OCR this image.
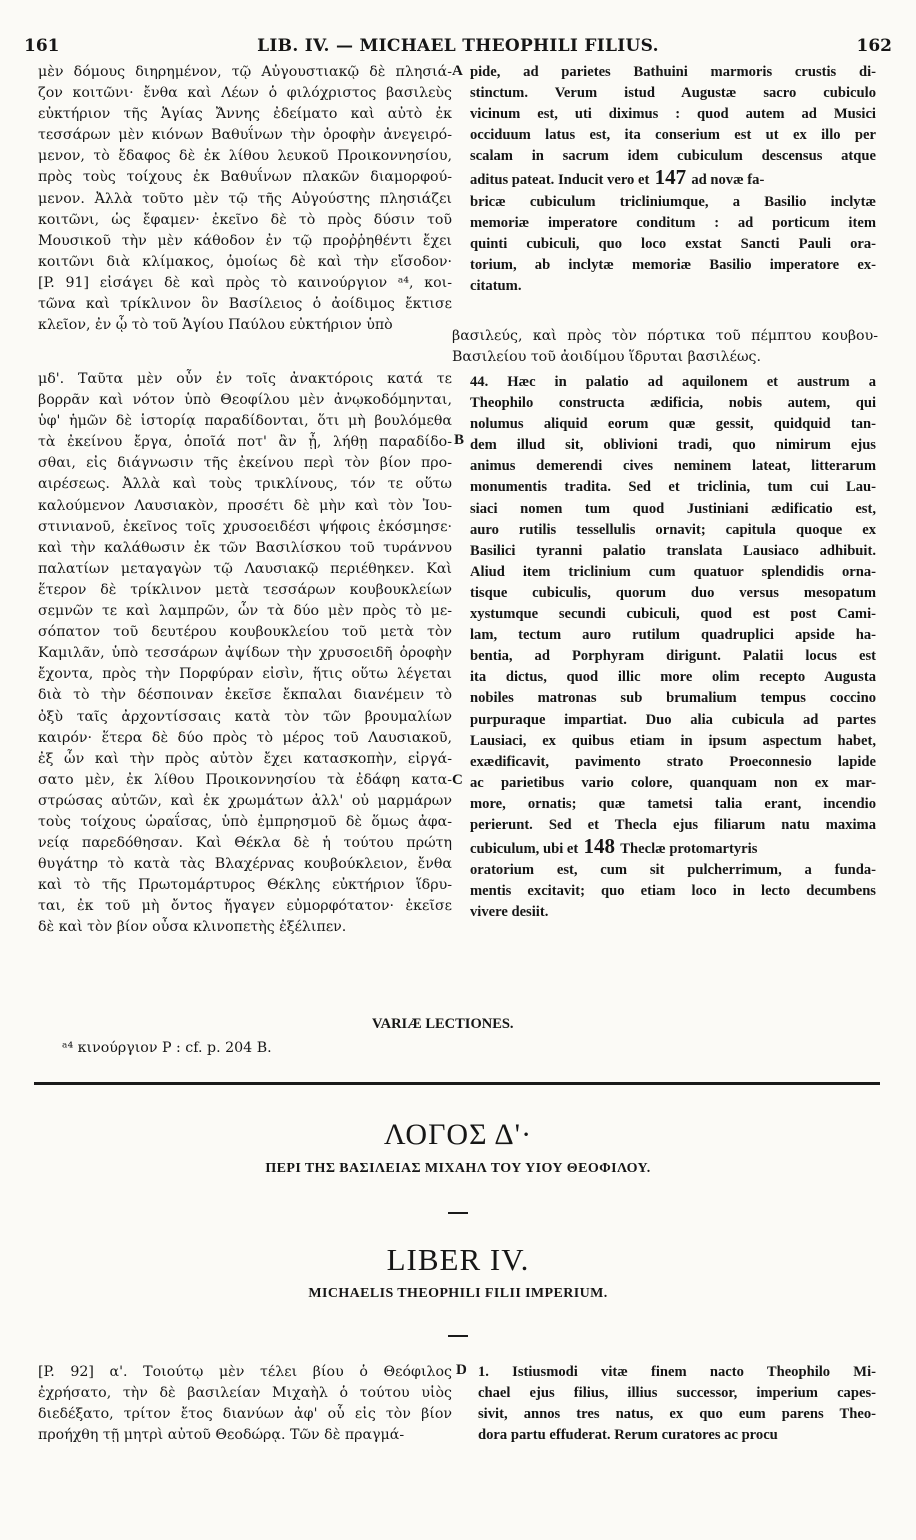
161	LIB. IV. — MICHAEL THEOPHILI FILIUS.	162
μὲν δόμους διηρημένον, τῷ Αὐγουστιακῷ δὲ πλησιά-
ζον κοιτῶνι· ἔνθα καὶ Λέων ὁ φιλόχριστος βασιλεὺς
εὐκτήριον τῆς Ἁγίας Ἄννης ἐδείματο καὶ αὐτὸ ἐκ
τεσσάρων μὲν κιόνων Βαθυΐνων τὴν ὀροφὴν ἀνεγειρό-
μενον, τὸ ἔδαφος δὲ ἐκ λίθου λευκοῦ Προικοννησίου,
πρὸς τοὺς τοίχους ἐκ Βαθυΐνων πλακῶν διαμορφού-
μενον. Ἀλλὰ τοῦτο μὲν τῷ τῆς Αὐγούστης πλησιάζει
κοιτῶνι, ὡς ἔφαμεν· ἐκεῖνο δὲ τὸ πρὸς δύσιν τοῦ
Μουσικοῦ τὴν μὲν κάθοδον ἐν τῷ προῤῥηθέντι ἔχει
κοιτῶνι διὰ κλίμακος, ὁμοίως δὲ καὶ τὴν εἴσοδον·
[P. 91] εἰσάγει δὲ καὶ πρὸς τὸ καινούργιον ᵃ⁴, κοι-
τῶνα καὶ τρίκλινον ὃν Βασίλειος ὁ ἀοίδιμος ἔκτισε
κλεῖον, ἐν ᾧ τὸ τοῦ Ἁγίου Παύλου εὐκτήριον ὑπὸ
pide, ad parietes Bathuini marmoris crustis di-
stinctum. Verum istud Augustæ sacro cubiculo
vicinum est, uti diximus : quod autem ad Musici
occiduum latus est, ita conserium est ut ex illo per
scalam in sacrum idem cubiculum descensus atque
aditus pateat. Inducit vero et 147 ad novæ fa-
bricæ cubiculum tricliniumque, a Basilio inclytæ
memoriæ imperatore conditum : ad porticum item
quinti cubiculi, quo loco exstat Sancti Pauli ora-
torium, ab inclytæ memoriæ Basilio imperatore ex-
citatum.
βασιλεύς, καὶ πρὸς τὸν πόρτικα τοῦ πέμπτου κουβου-
Βασιλείου τοῦ ἀοιδίμου ἵδρυται βασιλέως.
A
B
C
D
μδ'. Ταῦτα μὲν οὖν ἐν τοῖς ἀνακτόροις κατά τε
βορρᾶν καὶ νότον ὑπὸ Θεοφίλου μὲν ἀνῳκοδόμηνται,
ὑφ' ἡμῶν δὲ ἱστορίᾳ παραδίδονται, ὅτι μὴ βουλόμεθα
τὰ ἐκείνου ἔργα, ὁποῖά ποτ' ἂν ᾖ, λήθῃ παραδίδο-
σθαι, εἰς διάγνωσιν τῆς ἐκείνου περὶ τὸν βίον προ-
αιρέσεως. Ἀλλὰ καὶ τοὺς τρικλίνους, τόν τε οὕτω
καλούμενον Λαυσιακὸν, προσέτι δὲ μὴν καὶ τὸν Ἰου-
στινιανοῦ, ἐκεῖνος τοῖς χρυσοειδέσι ψήφοις ἐκόσμησε·
καὶ τὴν καλάθωσιν ἐκ τῶν Βασιλίσκου τοῦ τυράννου
παλατίων μεταγαγὼν τῷ Λαυσιακῷ περιέθηκεν. Καὶ
ἕτερον δὲ τρίκλινον μετὰ τεσσάρων κουβουκλείων
σεμνῶν τε καὶ λαμπρῶν, ὧν τὰ δύο μὲν πρὸς τὸ με-
σόπατον τοῦ δευτέρου κουβουκλείου τοῦ μετὰ τὸν
Καμιλᾶν, ὑπὸ τεσσάρων ἀψίδων τὴν χρυσοειδῆ ὀροφὴν
ἔχοντα, πρὸς τὴν Πορφύραν εἰσὶν, ἥτις οὕτω λέγεται
διὰ τὸ τὴν δέσποιναν ἐκεῖσε ἔκπαλαι διανέμειν τὸ
ὀξὺ ταῖς ἀρχοντίσσαις κατὰ τὸν τῶν βρουμαλίων
καιρόν· ἕτερα δὲ δύο πρὸς τὸ μέρος τοῦ Λαυσιακοῦ,
ἐξ ὧν καὶ τὴν πρὸς αὐτὸν ἔχει κατασκοπὴν, εἰργά-
σατο μὲν, ἐκ λίθου Προικοννησίου τὰ ἐδάφη κατα-
στρώσας αὐτῶν, καὶ ἐκ χρωμάτων ἀλλ' οὐ μαρμάρων
τοὺς τοίχους ὡραΐσας, ὑπὸ ἐμπρησμοῦ δὲ ὅμως ἀφα-
νείᾳ παρεδόθησαν. Καὶ Θέκλα δὲ ἡ τούτου πρώτη
θυγάτηρ τὸ κατὰ τὰς Βλαχέρνας κουβούκλειον, ἔνθα
καὶ τὸ τῆς Πρωτομάρτυρος Θέκλης εὐκτήριον ἵδρυ-
ται, ἐκ τοῦ μὴ ὄντος ἤγαγεν εὐμορφότατον· ἐκεῖσε
δὲ καὶ τὸν βίον οὖσα κλινοπετὴς ἐξέλιπεν.
44. Hæc in palatio ad aquilonem et austrum a
Theophilo constructa ædificia, nobis autem, qui
nolumus aliquid eorum quæ gessit, quidquid tan-
dem illud sit, oblivioni tradi, quo nimirum ejus
animus demerendi cives neminem lateat, litterarum
monumentis tradita. Sed et triclinia, tum cui Lau-
siaci nomen tum quod Justiniani ædificatio est,
auro rutilis tessellulis ornavit; capitula quoque ex
Basilici tyranni palatio translata Lausiaco adhibuit.
Aliud item triclinium cum quatuor splendidis orna-
tisque cubiculis, quorum duo versus mesopatum
xystumque secundi cubiculi, quod est post Cami-
lam, tectum auro rutilum quadruplici apside ha-
bentia, ad Porphyram dirigunt. Palatii locus est
ita dictus, quod illic more olim recepto Augusta
nobiles matronas sub brumalium tempus coccino
purpuraque impartiat. Duo alia cubicula ad partes
Lausiaci, ex quibus etiam in ipsum aspectum habet,
exædificavit, pavimento strato Proeconnesio lapide
ac parietibus vario colore, quanquam non ex mar-
more, ornatis; quæ tametsi talia erant, incendio
perierunt. Sed et Thecla ejus filiarum natu maxima
cubiculum, ubi et 148 Theclæ protomartyris
oratorium est, cum sit pulcherrimum, a funda-
mentis excitavit; quo etiam loco in lecto decumbens
vivere desiit.
VARIÆ LECTIONES.
ᵃ⁴ κινούργιον P : cf. p. 204 B.
ΛΟΓΟΣ Δ'·
ΠΕΡΙ ΤΗΣ ΒΑΣΙΛΕΙΑΣ ΜΙΧΑΗΛ ΤΟΥ ΥΙΟΥ ΘΕΟΦΙΛΟΥ.
LIBER IV.
MICHAELIS THEOPHILI FILII IMPERIUM.
[P. 92] α'. Τοιούτῳ μὲν τέλει βίου ὁ Θεόφιλος
ἐχρήσατο, τὴν δὲ βασιλείαν Μιχαὴλ ὁ τούτου υἱὸς
διεδέξατο, τρίτον ἔτος διανύων ἀφ' οὗ εἰς τὸν βίον
προήχθη τῇ μητρὶ αὐτοῦ Θεοδώρᾳ. Τῶν δὲ πραγμά-
1. Istiusmodi vitæ finem nacto Theophilo Mi-
chael ejus filius, illius successor, imperium capes-
sivit, annos tres natus, ex quo eum parens Theo-
dora partu effuderat. Rerum curatores ac procu
